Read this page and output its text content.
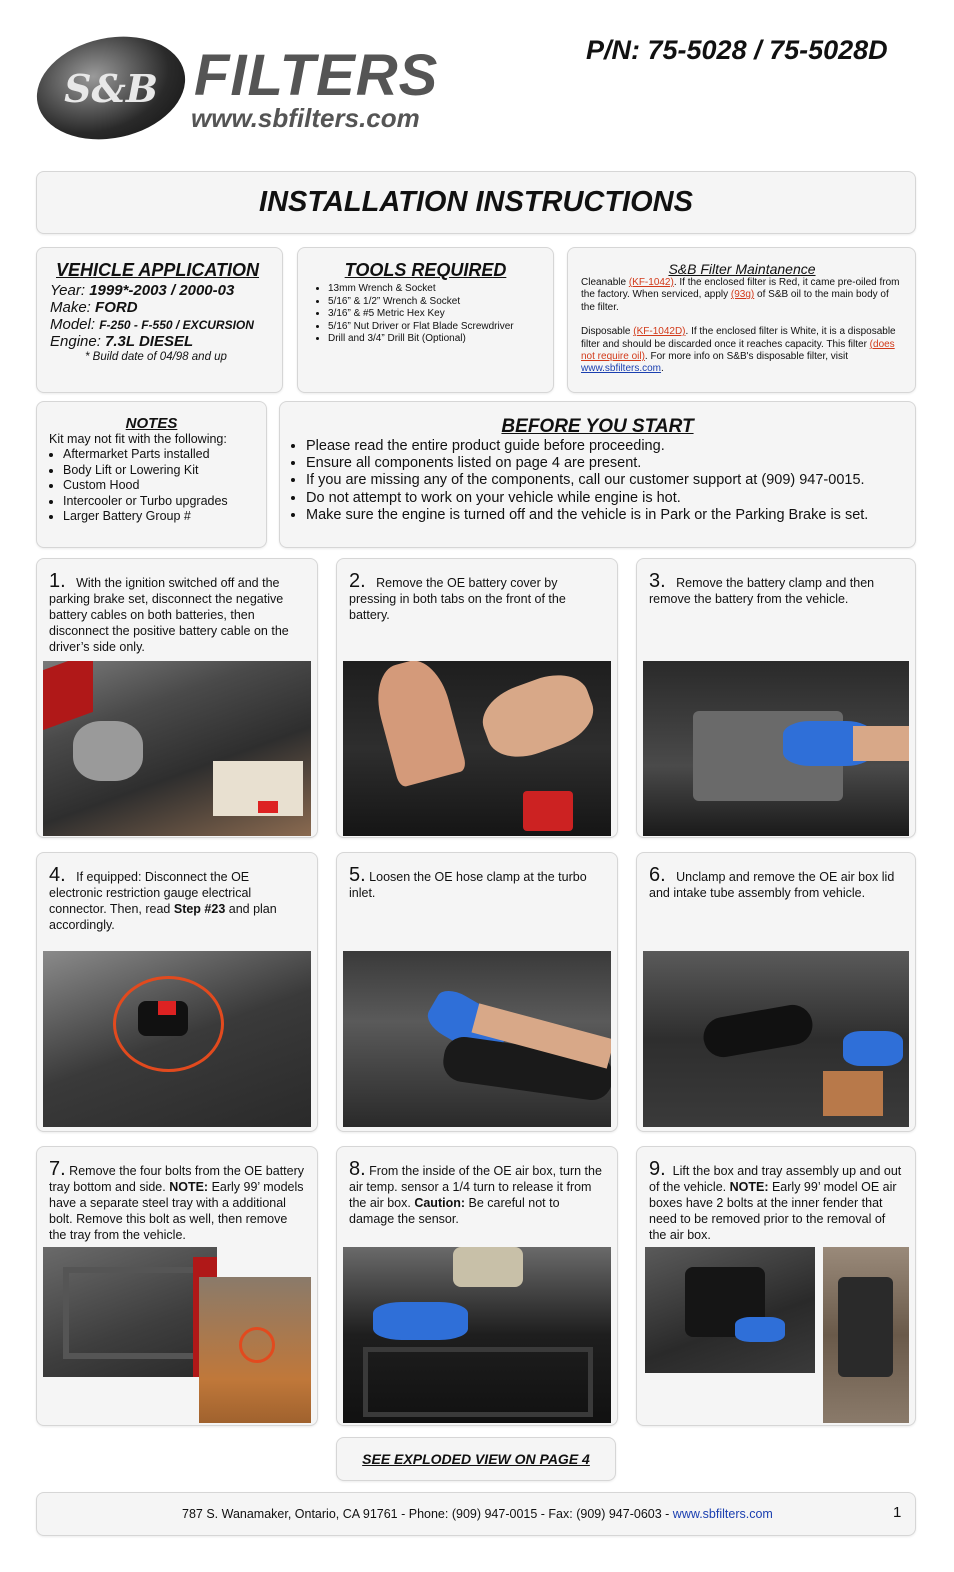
S&B FILTERS
www.sbfilters.com
P/N: 75-5028 / 75-5028D
INSTALLATION INSTRUCTIONS
VEHICLE APPLICATION
Year: 1999*-2003 / 2000-03
Make: FORD
Model: F-250 - F-550 / EXCURSION
Engine: 7.3L DIESEL
* Build date of 04/98 and up
TOOLS REQUIRED
• 13mm Wrench & Socket
• 5/16” & 1/2” Wrench & Socket
• 3/16” & #5 Metric Hex Key
• 5/16” Nut Driver or Flat Blade Screwdriver
• Drill and 3/4” Drill Bit (Optional)
S&B Filter Maintanence
Cleanable (KF-1042). If the enclosed filter is Red, it came pre-oiled from the factory. When serviced, apply (93g) of S&B oil to the main body of the filter.
Disposable (KF-1042D). If the enclosed filter is White, it is a disposable filter and should be discarded once it reaches capacity. This filter (does not require oil). For more info on S&B's disposable filter, visit www.sbfilters.com.
NOTES
Kit may not fit with the following:
• Aftermarket Parts installed
• Body Lift or Lowering Kit
• Custom Hood
• Intercooler or Turbo upgrades
• Larger Battery Group #
BEFORE YOU START
• Please read the entire product guide before proceeding.
• Ensure all components listed on page 4 are present.
• If you are missing any of the components, call our customer support at (909) 947-0015.
• Do not attempt to work on your vehicle while engine is hot.
• Make sure the engine is turned off and the vehicle is in Park or the Parking Brake is set.
1. With the ignition switched off and the parking brake set, disconnect the negative battery cables on both batteries, then disconnect the positive battery cable on the driver’s side only.
2. Remove the OE battery cover by pressing in both tabs on the front of the battery.
3. Remove the battery clamp and then remove the battery from the vehicle.
4. If equipped: Disconnect the OE electronic restriction gauge electrical connector. Then, read Step #23 and plan accordingly.
5. Loosen the OE hose clamp at the turbo inlet.
6. Unclamp and remove the OE air box lid and intake tube assembly from vehicle.
7. Remove the four bolts from the OE battery tray bottom and side. NOTE: Early 99’ models have a separate steel tray with a additional bolt. Remove this bolt as well, then remove the tray from the vehicle.
8. From the inside of the OE air box, turn the air temp. sensor a 1/4 turn to release it from the air box. Caution: Be careful not to damage the sensor.
9. Lift the box and tray assembly up and out of the vehicle. NOTE: Early 99’ model OE air boxes have 2 bolts at the inner fender that need to be removed prior to the removal of the air box.
SEE EXPLODED VIEW ON PAGE 4
787 S. Wanamaker, Ontario, CA 91761 - Phone: (909) 947-0015 - Fax: (909) 947-0603 - www.sbfilters.com	1
